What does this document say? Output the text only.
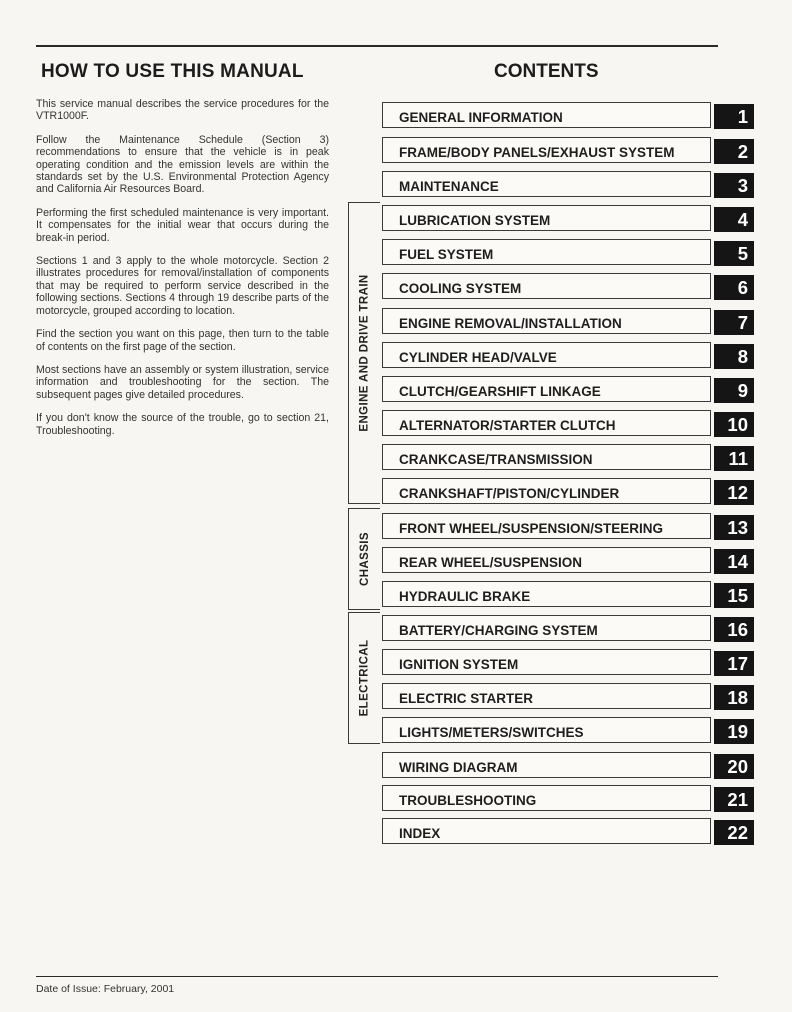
HOW TO USE THIS MANUAL	CONTENTS

This service manual describes the service procedures for the VTR1000F.

Follow the Maintenance Schedule (Section 3) recommendations to ensure that the vehicle is in peak operating condition and the emission levels are within the standards set by the U.S. Environmental Protection Agency and California Air Resources Board.

Performing the first scheduled maintenance is very important. It compensates for the initial wear that occurs during the break-in period.

Sections 1 and 3 apply to the whole motorcycle. Section 2 illustrates procedures for removal/installation of components that may be required to perform service described in the following sections. Sections 4 through 19 describe parts of the motorcycle, grouped according to location.

Find the section you want on this page, then turn to the table of contents on the first page of the section.

Most sections have an assembly or system illustration, service information and troubleshooting for the section. The subsequent pages give detailed procedures.

If you don't know the source of the trouble, go to section 21, Troubleshooting.	ENGINE AND DRIVE TRAIN
CHASSIS
ELECTRICAL
GENERAL INFORMATION	1
FRAME/BODY PANELS/EXHAUST SYSTEM	2
MAINTENANCE	3
LUBRICATION SYSTEM	4
FUEL SYSTEM	5
COOLING SYSTEM	6
ENGINE REMOVAL/INSTALLATION	7
CYLINDER HEAD/VALVE	8
CLUTCH/GEARSHIFT LINKAGE	9
ALTERNATOR/STARTER CLUTCH	10
CRANKCASE/TRANSMISSION	11
CRANKSHAFT/PISTON/CYLINDER	12
FRONT WHEEL/SUSPENSION/STEERING	13
REAR WHEEL/SUSPENSION	14
HYDRAULIC BRAKE	15
BATTERY/CHARGING SYSTEM	16
IGNITION SYSTEM	17
ELECTRIC STARTER	18
LIGHTS/METERS/SWITCHES	19
WIRING DIAGRAM	20
TROUBLESHOOTING	21
INDEX	22
Date of Issue: February, 2001
